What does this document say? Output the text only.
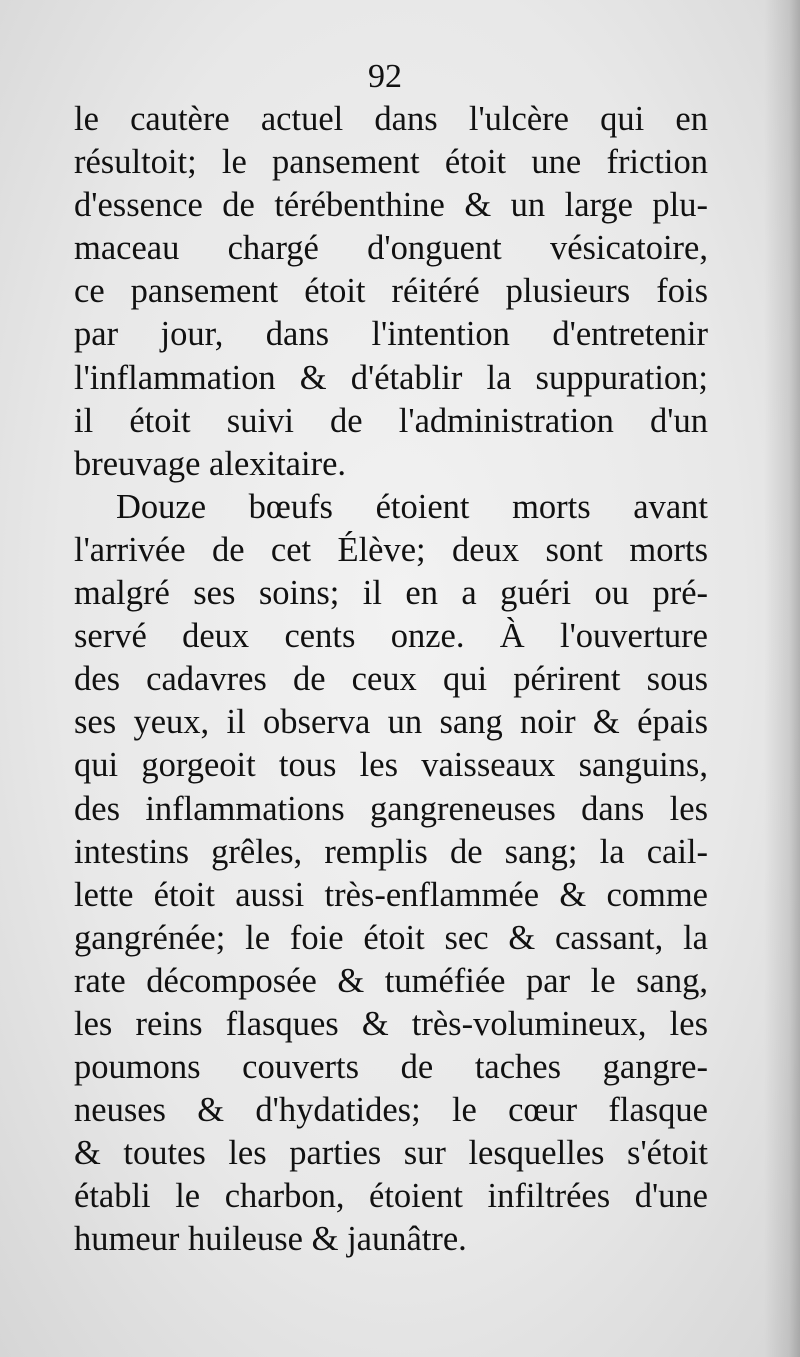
92
le cautère actuel dans l'ulcère qui en
résultoit; le pansement étoit une friction
d'essence de térébenthine & un large plu-
maceau chargé d'onguent vésicatoire,
ce pansement étoit réitéré plusieurs fois
par jour, dans l'intention d'entretenir
l'inflammation & d'établir la suppuration;
il étoit suivi de l'administration d'un
breuvage alexitaire.
Douze bœufs étoient morts avant
l'arrivée de cet Élève; deux sont morts
malgré ses soins; il en a guéri ou pré-
servé deux cents onze. À l'ouverture
des cadavres de ceux qui périrent sous
ses yeux, il observa un sang noir & épais
qui gorgeoit tous les vaisseaux sanguins,
des inflammations gangreneuses dans les
intestins grêles, remplis de sang; la cail-
lette étoit aussi très-enflammée & comme
gangrénée; le foie étoit sec & cassant, la
rate décomposée & tuméfiée par le sang,
les reins flasques & très-volumineux, les
poumons couverts de taches gangre-
neuses & d'hydatides; le cœur flasque
& toutes les parties sur lesquelles s'étoit
établi le charbon, étoient infiltrées d'une
humeur huileuse & jaunâtre.
